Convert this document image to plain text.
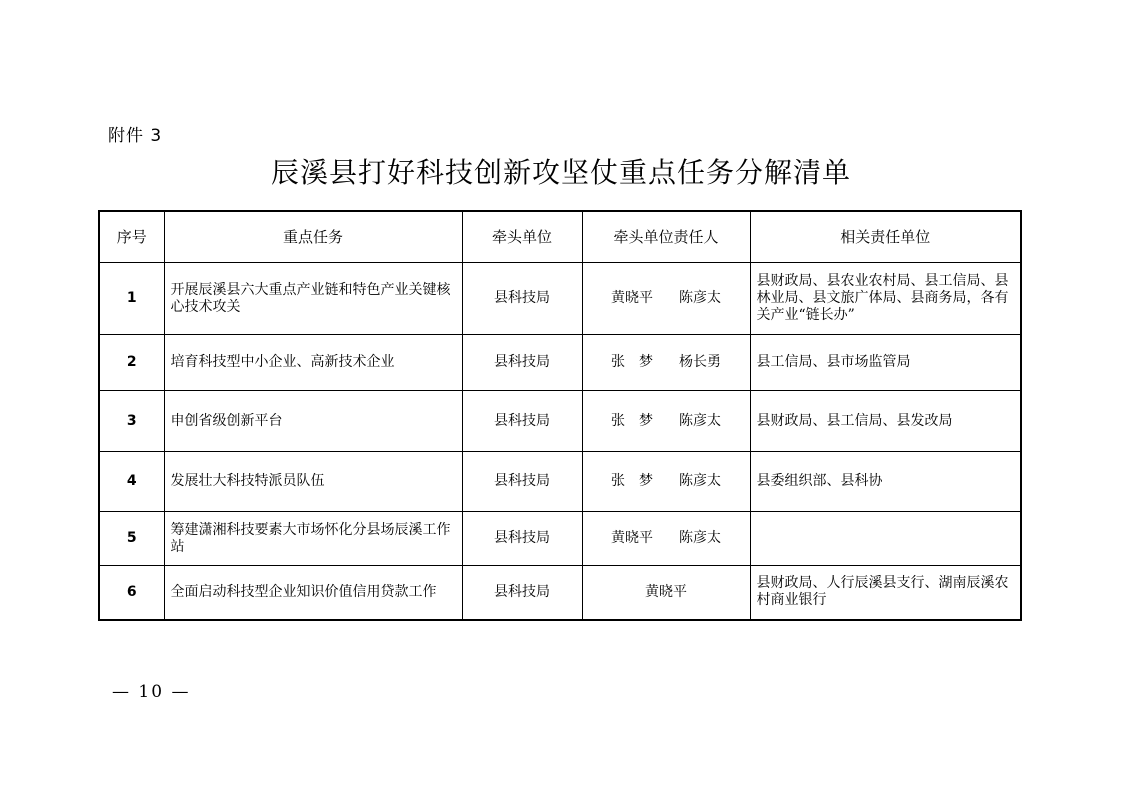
附件 3
辰溪县打好科技创新攻坚仗重点任务分解清单
序号	重点任务	牵头单位	牵头单位责任人	相关责任单位
1	开展辰溪县六大重点产业链和特色产业关键核心技术攻关	县科技局	黄晓平 陈彦太	县财政局、县农业农村局、县工信局、县林业局、县文旅广体局、县商务局，各有关产业“链长办”
2	培育科技型中小企业、高新技术企业	县科技局	张　梦 杨长勇	县工信局、县市场监管局
3	申创省级创新平台	县科技局	张　梦 陈彦太	县财政局、县工信局、县发改局
4	发展壮大科技特派员队伍	县科技局	张　梦 陈彦太	县委组织部、县科协
5	筹建潇湘科技要素大市场怀化分县场辰溪工作站	县科技局	黄晓平 陈彦太	
6	全面启动科技型企业知识价值信用贷款工作	县科技局	黄晓平	县财政局、人行辰溪县支行、湖南辰溪农村商业银行
— 10 —
